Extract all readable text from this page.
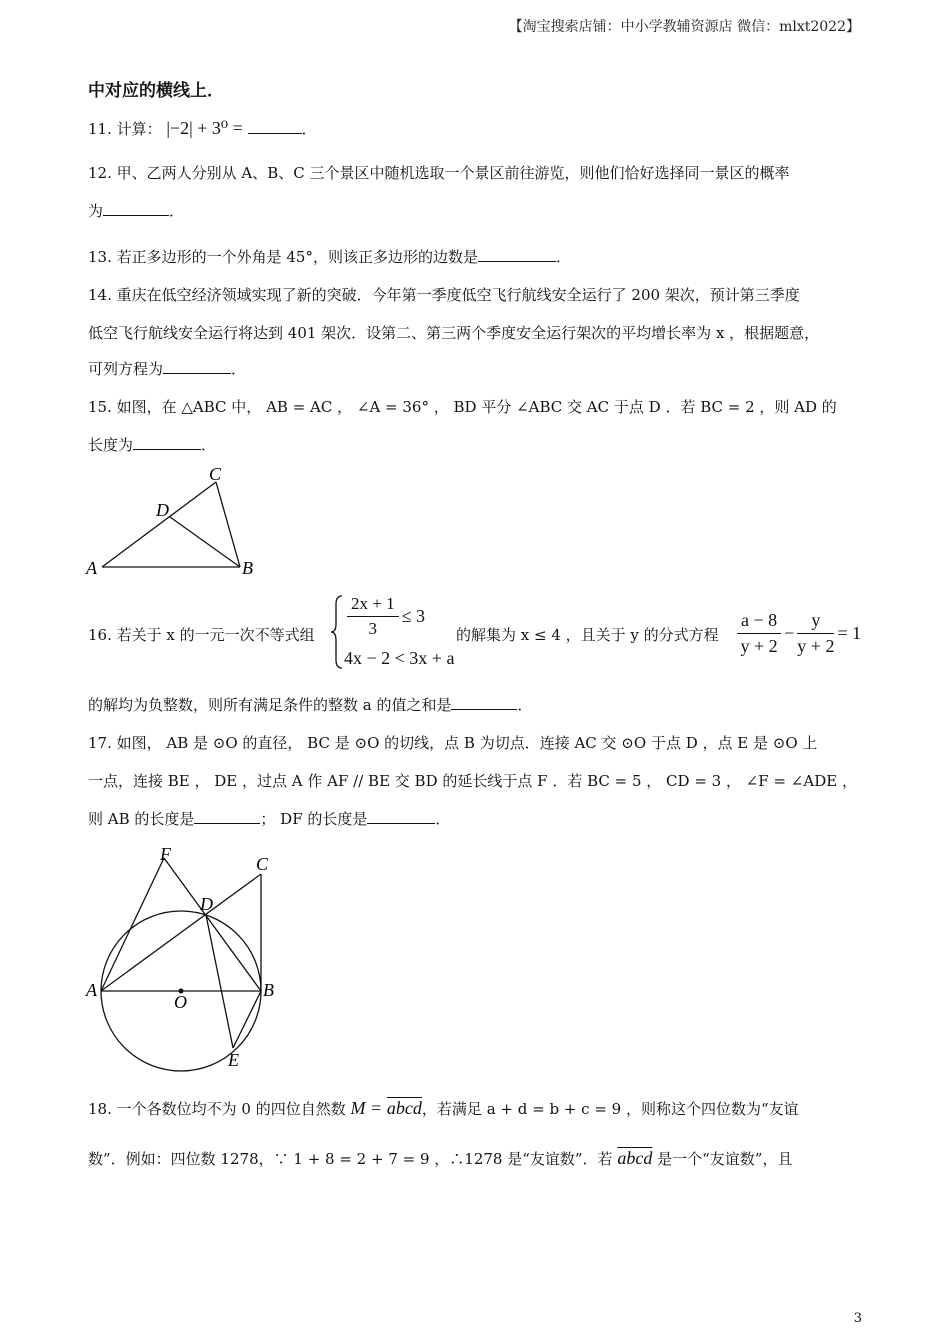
【淘宝搜索店铺：中小学教辅资源店 微信：mlxt2022】
中对应的横线上．
11. 计算： |−2| + 3⁰ =	．
12. 甲、乙两人分别从 A、B、C 三个景区中随机选取一个景区前往游览，则他们恰好选择同一景区的概率
为	．
13. 若正多边形的一个外角是 45°，则该正多边形的边数是	．
14. 重庆在低空经济领域实现了新的突破．今年第一季度低空飞行航线安全运行了 200 架次，预计第三季度
低空飞行航线安全运行将达到 401 架次．设第二、第三两个季度安全运行架次的平均增长率为 x ，根据题意，
可列方程为	．
15. 如图，在 △ABC 中， AB = AC ， ∠A = 36° ， BD 平分 ∠ABC 交 AC 于点 D ．若 BC = 2 ，则 AD 的
长度为	．
A	B
C
D
16. 若关于 x 的一元一次不等式组 $\frac{2x + 1}{3} \le 3$
4x − 2 < 3x + a
的解集为 x ≤ 4 ，且关于 y 的分式方程 $\frac{a - 8}{y + 2} - \frac{y}{y + 2} = 1$
的解均为负整数，则所有满足条件的整数 a 的值之和是	．
17. 如图， AB 是 ⊙O 的直径， BC 是 ⊙O 的切线，点 B 为切点．连接 AC 交 ⊙O 于点 D ，点 E 是 ⊙O 上
一点，连接 BE ， DE ，过点 A 作 AF // BE 交 BD 的延长线于点 F ．若 BC = 5 ， CD = 3 ， ∠F = ∠ADE ，
则 AB 的长度是	； DF 的长度是	．
F	C
D
A
O
B
E
18. 一个各数位均不为 0 的四位自然数 M = abcd，若满足 a + d = b + c = 9 ，则称这个四位数为“友谊
数”．例如：四位数 1278，∵ 1 + 8 = 2 + 7 = 9 ，∴1278 是“友谊数”．若 abcd 是一个“友谊数”，且
3
